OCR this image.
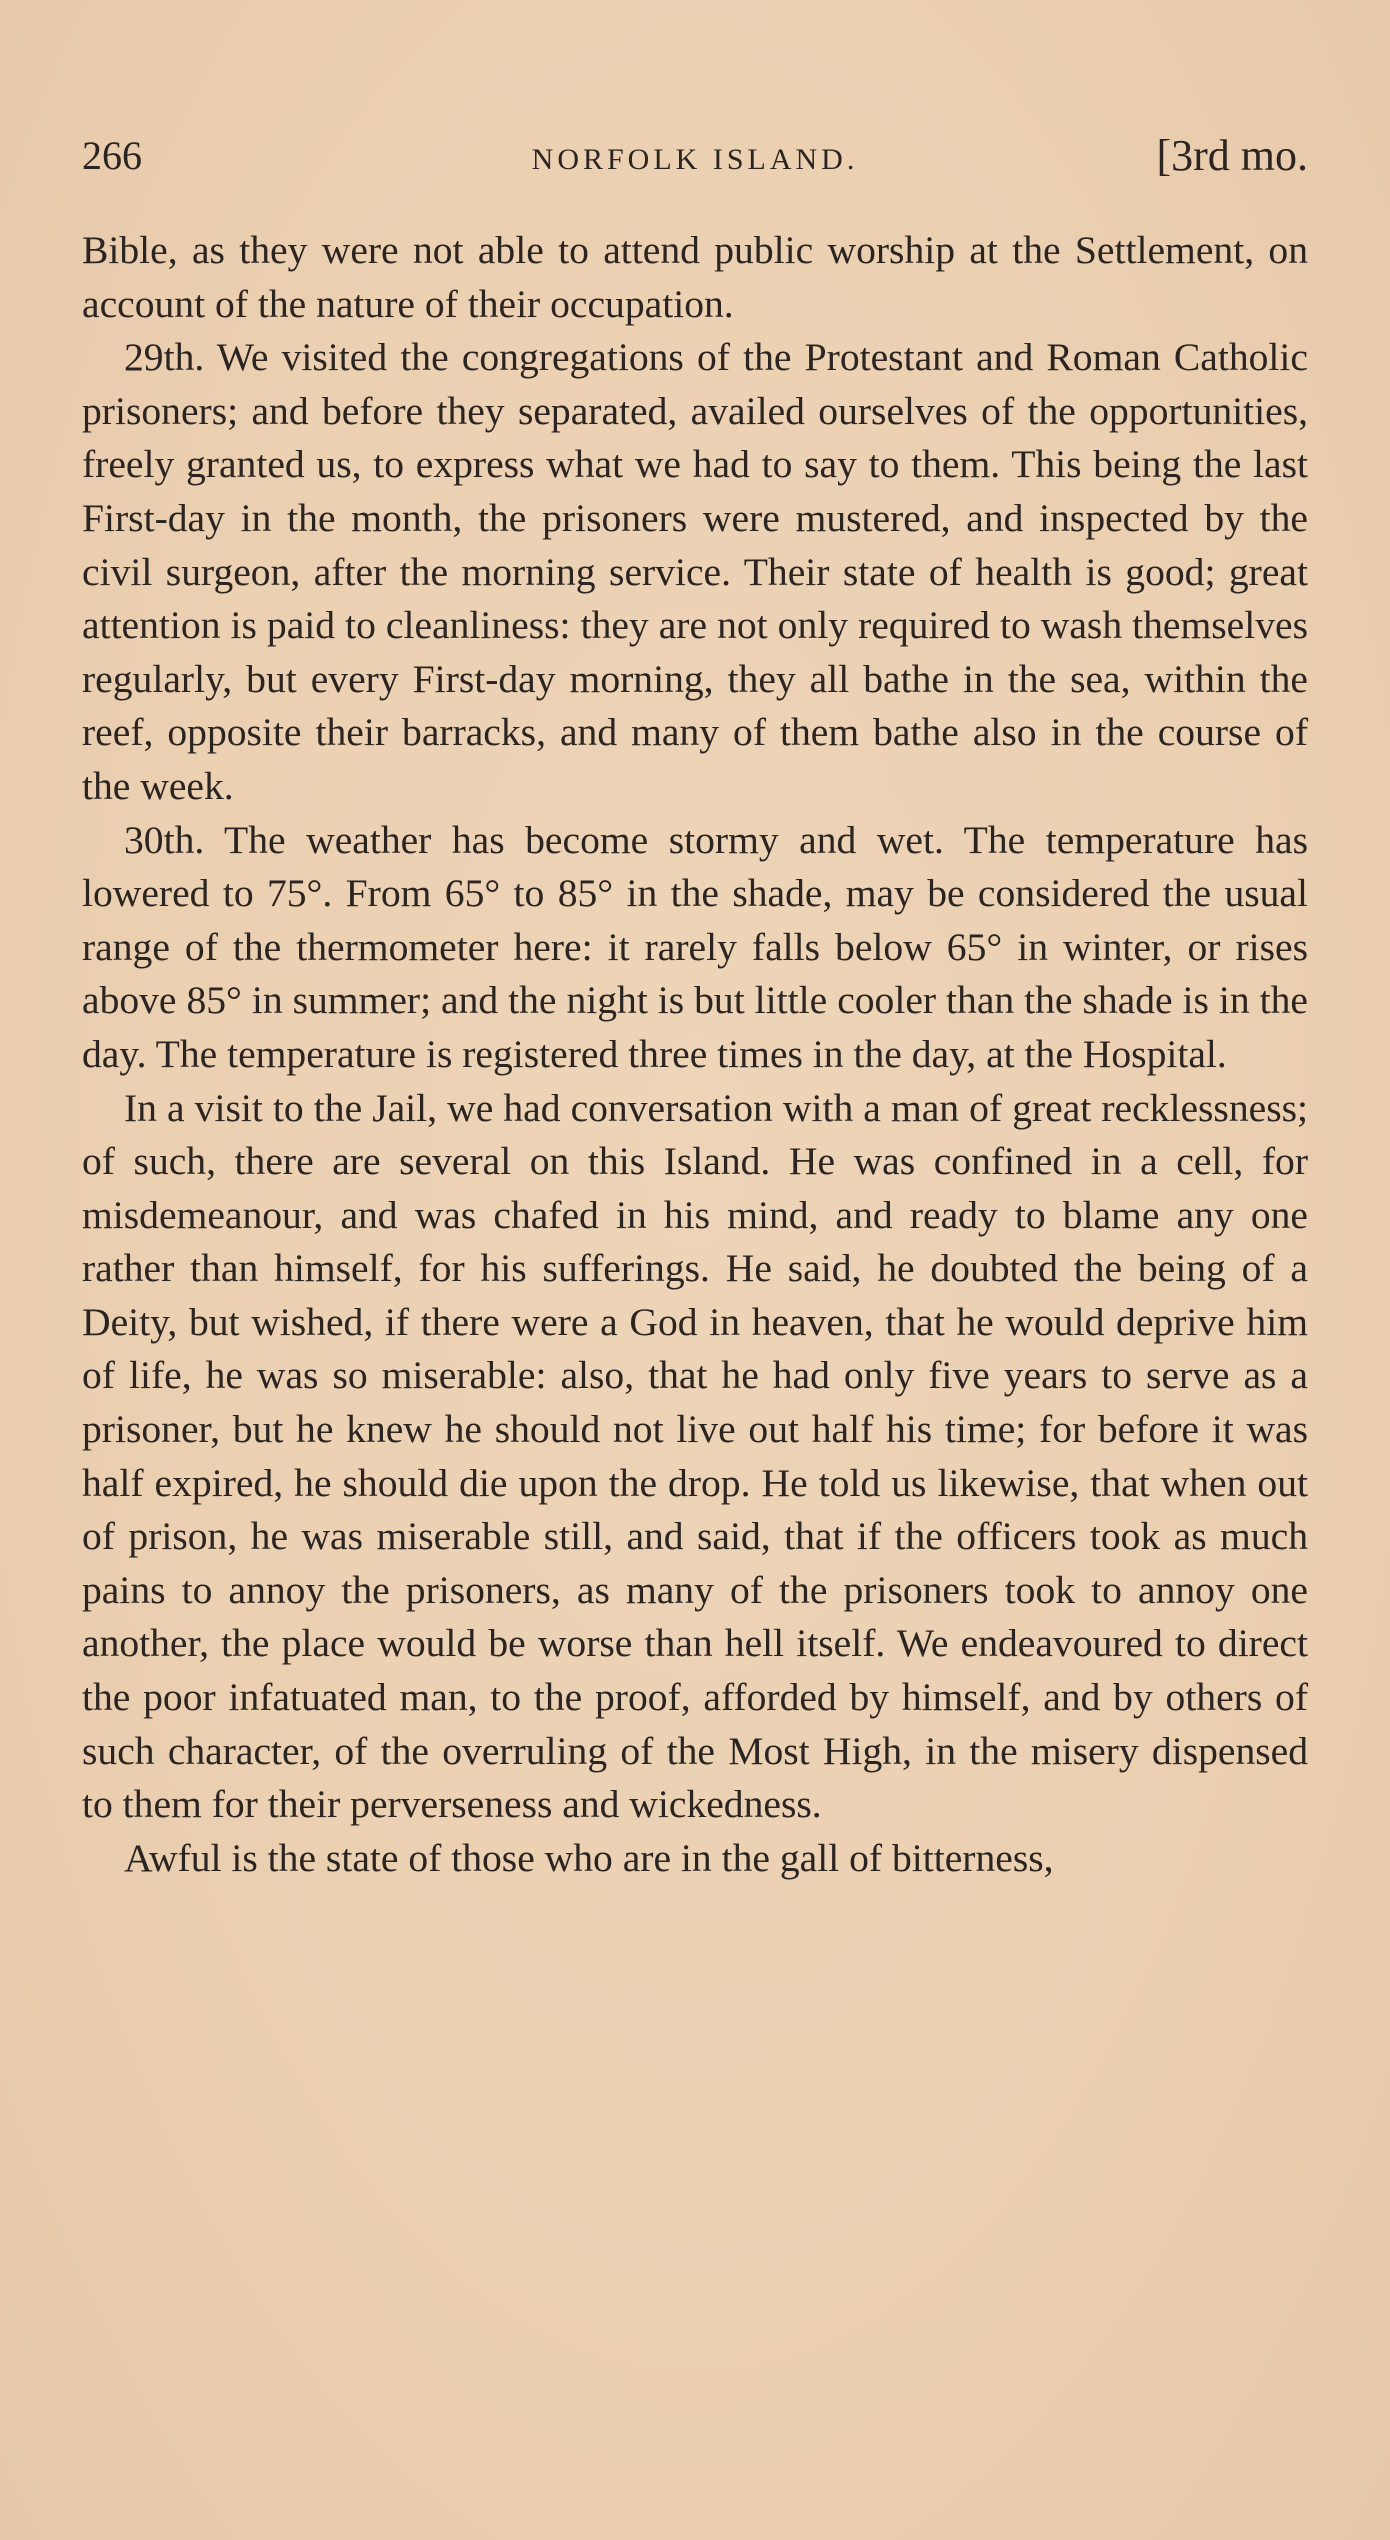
266	NORFOLK ISLAND.	[3rd mo.

Bible, as they were not able to attend public worship at the Settlement, on account of the nature of their occupation.

29th. We visited the congregations of the Protestant and Roman Catholic prisoners; and before they separated, availed ourselves of the opportunities, freely granted us, to express what we had to say to them. This being the last First-day in the month, the prisoners were mustered, and inspected by the civil surgeon, after the morning service. Their state of health is good; great attention is paid to cleanliness: they are not only required to wash themselves regularly, but every First-day morning, they all bathe in the sea, within the reef, opposite their barracks, and many of them bathe also in the course of the week.

30th. The weather has become stormy and wet. The temperature has lowered to 75°. From 65° to 85° in the shade, may be considered the usual range of the thermometer here: it rarely falls below 65° in winter, or rises above 85° in summer; and the night is but little cooler than the shade is in the day. The temperature is registered three times in the day, at the Hospital.

In a visit to the Jail, we had conversation with a man of great recklessness; of such, there are several on this Island. He was confined in a cell, for misdemeanour, and was chafed in his mind, and ready to blame any one rather than himself, for his sufferings. He said, he doubted the being of a Deity, but wished, if there were a God in heaven, that he would deprive him of life, he was so miserable: also, that he had only five years to serve as a prisoner, but he knew he should not live out half his time; for before it was half expired, he should die upon the drop. He told us likewise, that when out of prison, he was miserable still, and said, that if the officers took as much pains to annoy the prisoners, as many of the prisoners took to annoy one another, the place would be worse than hell itself. We endeavoured to direct the poor infatuated man, to the proof, afforded by himself, and by others of such character, of the overruling of the Most High, in the misery dispensed to them for their perverseness and wickedness.

Awful is the state of those who are in the gall of bitterness,
